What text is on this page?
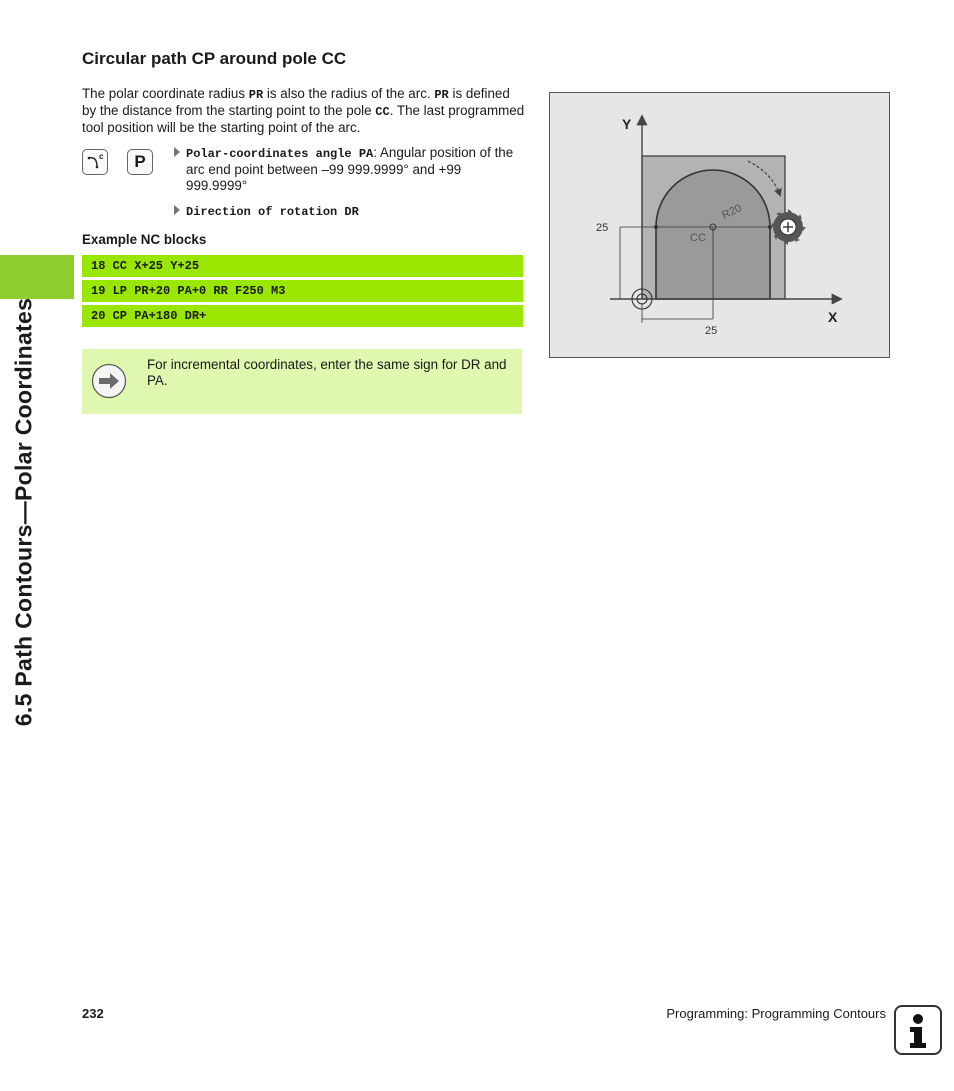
6.5 Path Contours—Polar Coordinates
Circular path CP around pole CC

The polar coordinate radius PR is also the radius of the arc. PR is defined by the distance from the starting point to the pole CC. The last programmed tool position will be the starting point of the arc.

c	P	Polar-coordinates angle PA: Angular position of the arc end point between –99 999.9999° and +99 999.9999°
Direction of rotation DR
Example NC blocks
18 CC X+25 Y+25
19 LP PR+20 PA+0 RR F250 M3
20 CP PA+180 DR+
For incremental coordinates, enter the same sign for DR and PA.
Y
X
25
25
CC
R20
232	Programming: Programming Contours
